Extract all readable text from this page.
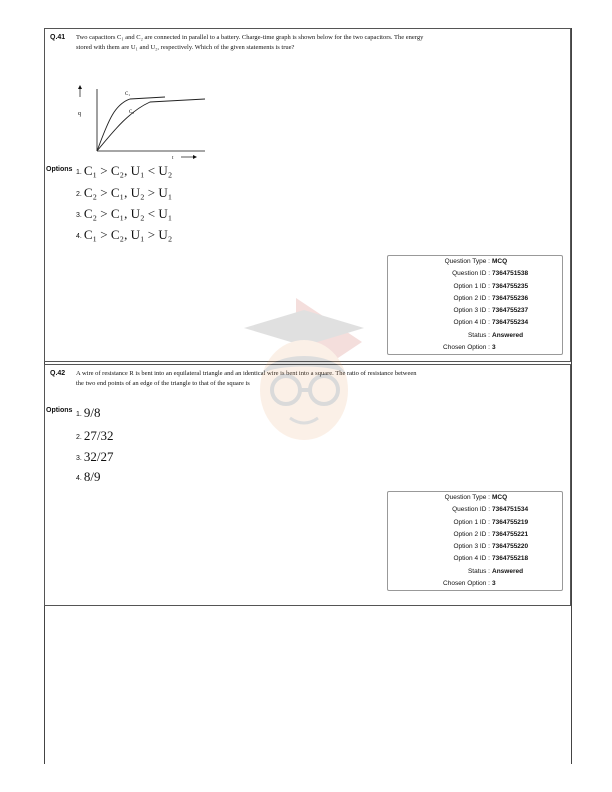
Q.41 Two capacitors C₁ and C₂ are connected in parallel to a battery. Charge-time graph is shown below for the two capacitors. The energy stored with them are U₁ and U₂, respectively. Which of the given statements is true?
q
t
C₁
C₂
Options 1. C₁ > C₂, U₁ < U₂
2. C₂ > C₁, U₂ > U₁
3. C₂ > C₁, U₂ < U₁
4. C₁ > C₂, U₁ > U₂
Question Type : MCQ
Question ID : 7364751538
Option 1 ID : 7364755235
Option 2 ID : 7364755236
Option 3 ID : 7364755237
Option 4 ID : 7364755234
Status : Answered
Chosen Option : 3
Q.42 A wire of resistance R is bent into an equilateral triangle and an identical wire is bent into a square. The ratio of resistance between the two end points of an edge of the triangle to that of the square is
Options
1. 9/8
2. 27/32
3. 32/27
4. 8/9
Question Type : MCQ
Question ID : 7364751534
Option 1 ID : 7364755219
Option 2 ID : 7364755221
Option 3 ID : 7364755220
Option 4 ID : 7364755218
Status : Answered
Chosen Option : 3
